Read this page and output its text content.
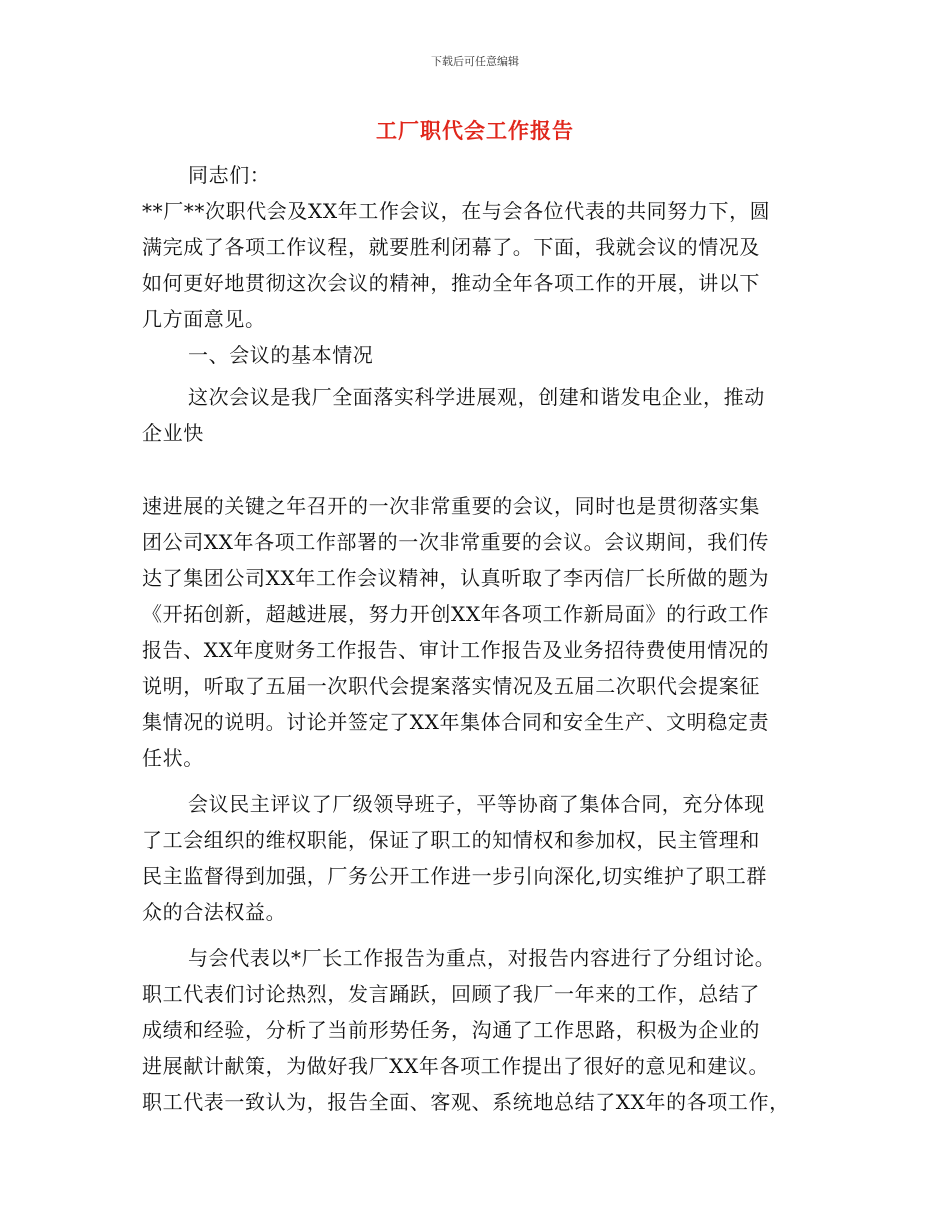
下载后可任意编辑
工厂职代会工作报告
同志们：
**厂**次职代会及XX年工作会议，在与会各位代表的共同努力下，圆
满完成了各项工作议程，就要胜利闭幕了。下面，我就会议的情况及
如何更好地贯彻这次会议的精神，推动全年各项工作的开展，讲以下
几方面意见。
一、会议的基本情况
这次会议是我厂全面落实科学进展观，创建和谐发电企业，推动
企业快
速进展的关键之年召开的一次非常重要的会议，同时也是贯彻落实集
团公司XX年各项工作部署的一次非常重要的会议。会议期间，我们传
达了集团公司XX年工作会议精神，认真听取了李丙信厂长所做的题为
《开拓创新，超越进展，努力开创XX年各项工作新局面》的行政工作
报告、XX年度财务工作报告、审计工作报告及业务招待费使用情况的
说明，听取了五届一次职代会提案落实情况及五届二次职代会提案征
集情况的说明。讨论并签定了XX年集体合同和安全生产、文明稳定责
任状。
会议民主评议了厂级领导班子，平等协商了集体合同，充分体现
了工会组织的维权职能，保证了职工的知情权和参加权，民主管理和
民主监督得到加强，厂务公开工作进一步引向深化,切实维护了职工群
众的合法权益。
与会代表以*厂长工作报告为重点，对报告内容进行了分组讨论。
职工代表们讨论热烈，发言踊跃，回顾了我厂一年来的工作，总结了
成绩和经验，分析了当前形势任务，沟通了工作思路，积极为企业的
进展献计献策，为做好我厂XX年各项工作提出了很好的意见和建议。
职工代表一致认为，报告全面、客观、系统地总结了XX年的各项工作，
